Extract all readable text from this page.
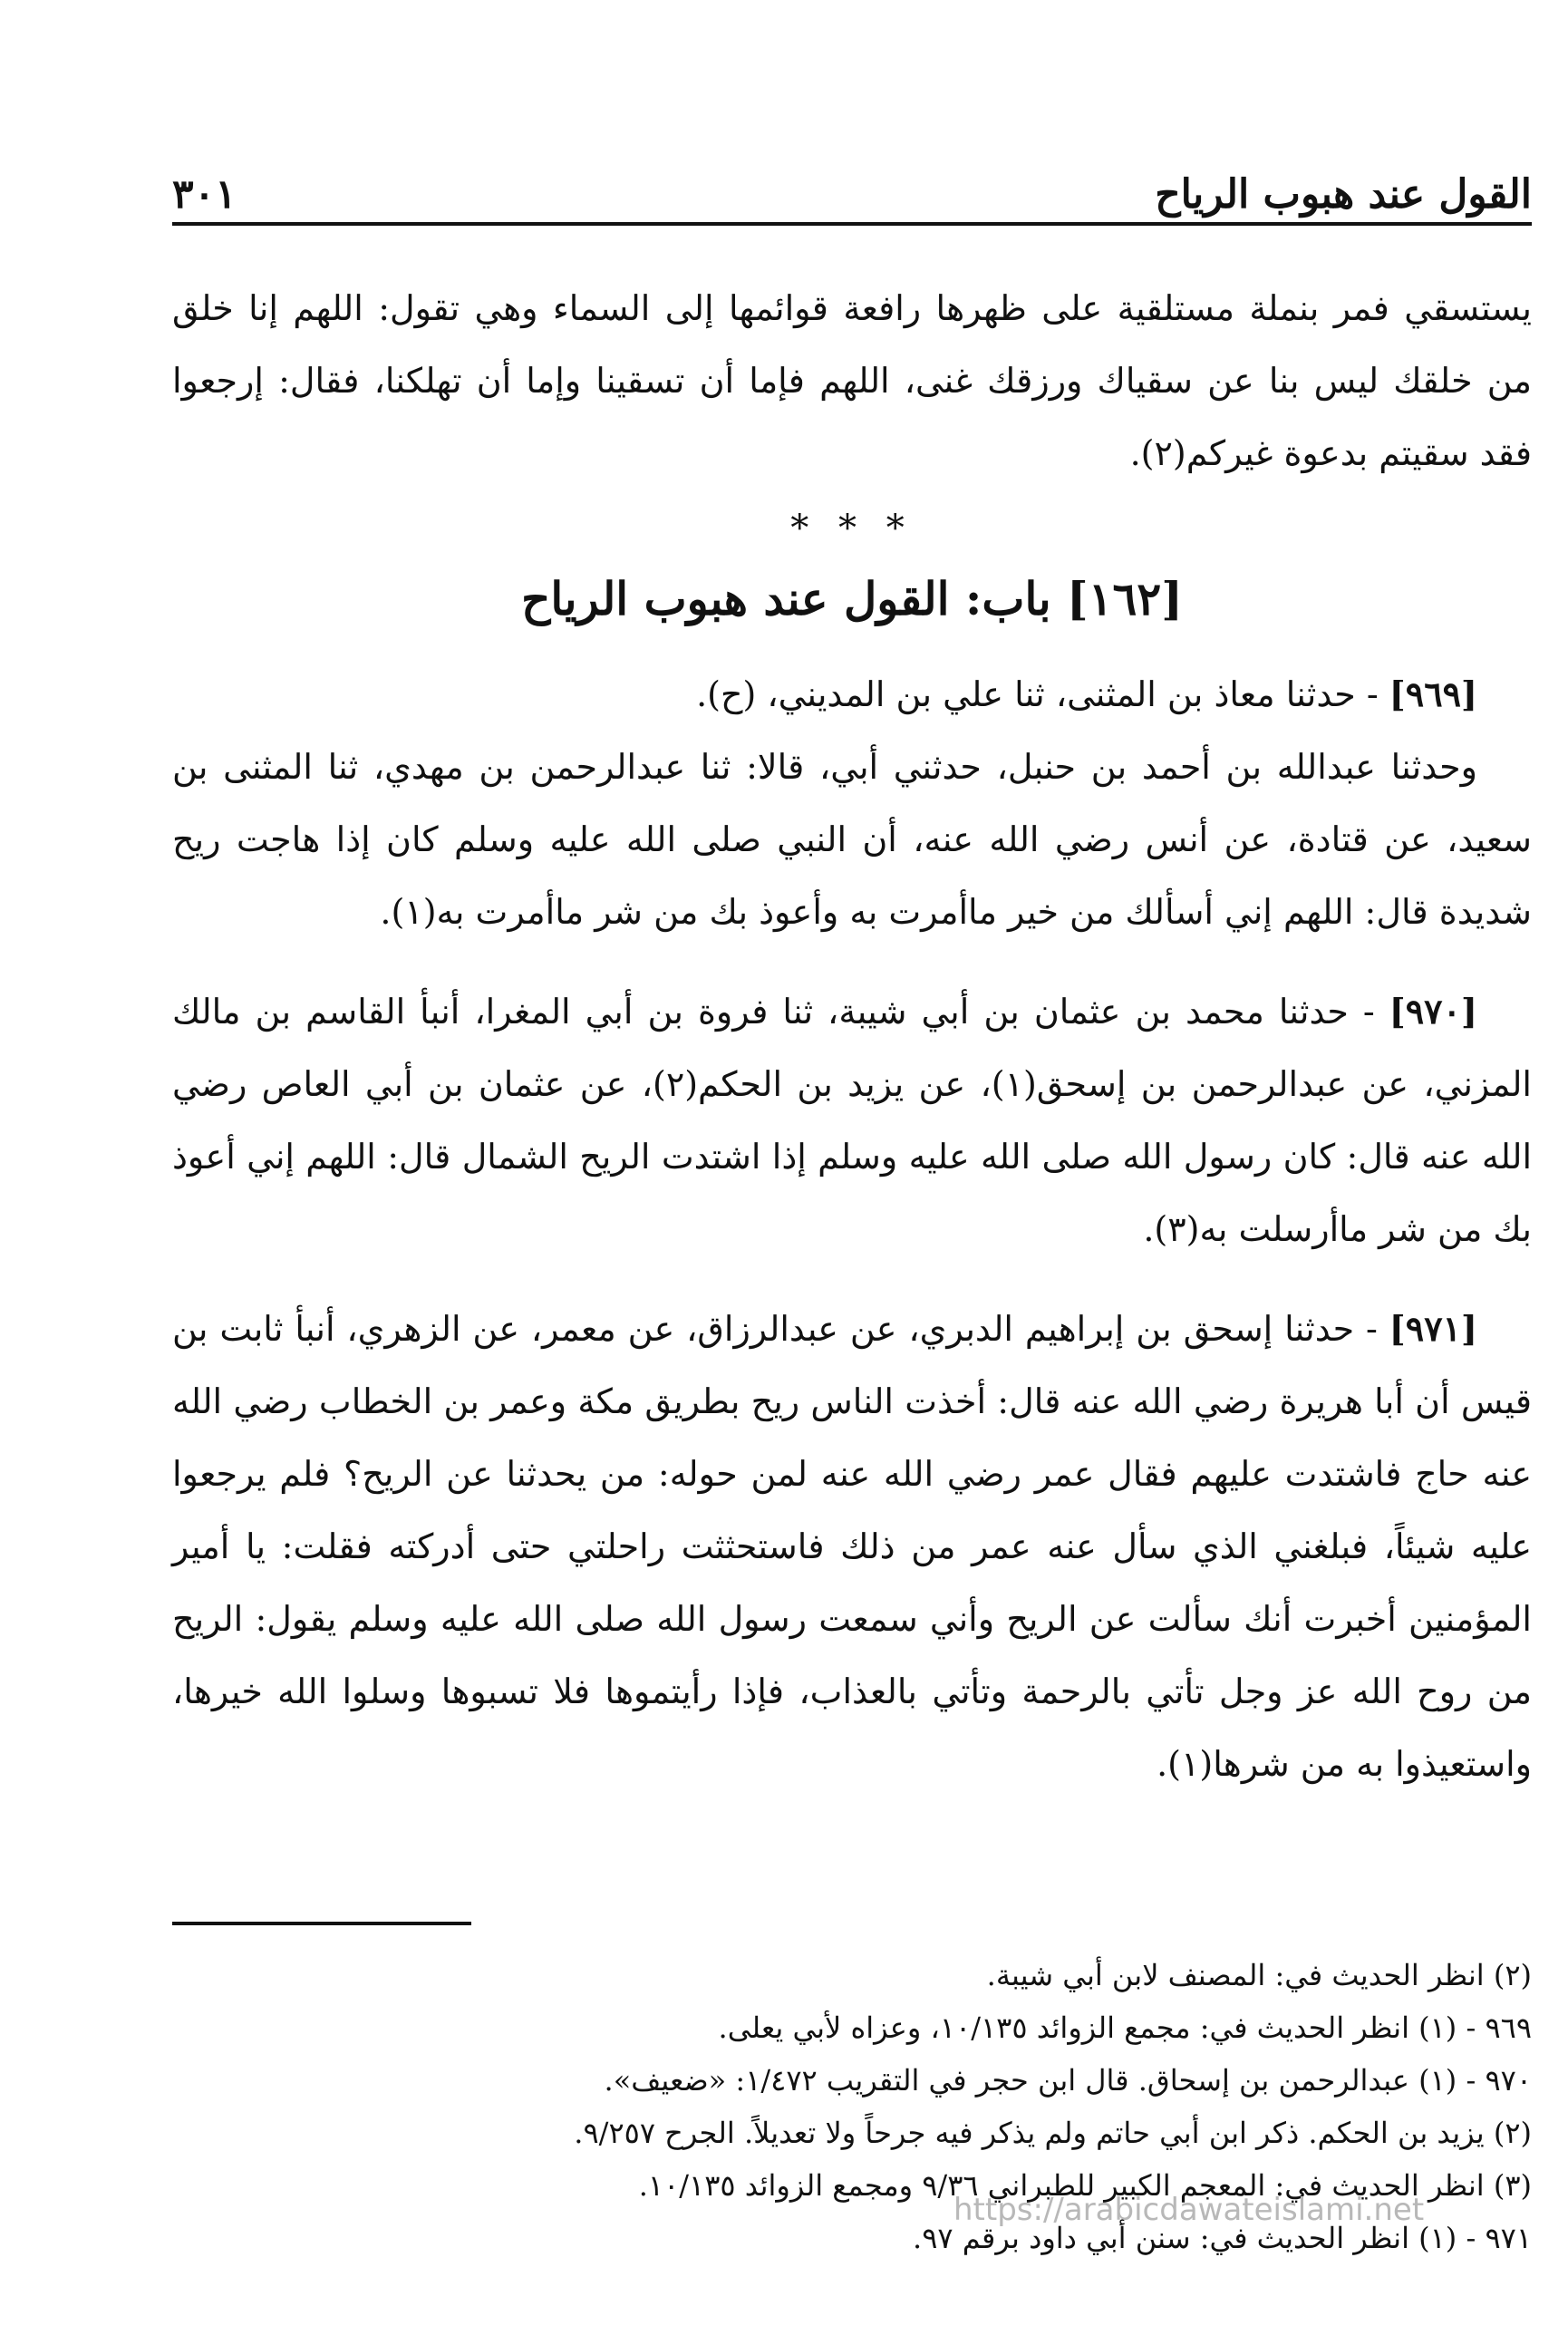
القول عند هبوب الرياح
٣٠١

يستسقي فمر بنملة مستلقية على ظهرها رافعة قوائمها إلى السماء وهي تقول: اللهم إنا خلق من خلقك ليس بنا عن سقياك ورزقك غنى، اللهم فإما أن تسقينا وإما أن تهلكنا، فقال: إرجعوا فقد سقيتم بدعوة غيركم(٢).

* * *
[١٦٢] باب: القول عند هبوب الرياح

[٩٦٩] - حدثنا معاذ بن المثنى، ثنا علي بن المديني، (ح).

وحدثنا عبدالله بن أحمد بن حنبل، حدثني أبي، قالا: ثنا عبدالرحمن بن مهدي، ثنا المثنى بن سعيد، عن قتادة، عن أنس رضي الله عنه، أن النبي صلى الله عليه وسلم كان إذا هاجت ريح شديدة قال: اللهم إني أسألك من خير ماأمرت به وأعوذ بك من شر ماأمرت به(١).

[٩٧٠] - حدثنا محمد بن عثمان بن أبي شيبة، ثنا فروة بن أبي المغرا، أنبأ القاسم بن مالك المزني، عن عبدالرحمن بن إسحق(١)، عن يزيد بن الحكم(٢)، عن عثمان بن أبي العاص رضي الله عنه قال: كان رسول الله صلى الله عليه وسلم إذا اشتدت الريح الشمال قال: اللهم إني أعوذ بك من شر ماأرسلت به(٣).

[٩٧١] - حدثنا إسحق بن إبراهيم الدبري، عن عبدالرزاق، عن معمر، عن الزهري، أنبأ ثابت بن قيس أن أبا هريرة رضي الله عنه قال: أخذت الناس ريح بطريق مكة وعمر بن الخطاب رضي الله عنه حاج فاشتدت عليهم فقال عمر رضي الله عنه لمن حوله: من يحدثنا عن الريح؟ فلم يرجعوا عليه شيئاً، فبلغني الذي سأل عنه عمر من ذلك فاستحثثت راحلتي حتى أدركته فقلت: يا أمير المؤمنين أخبرت أنك سألت عن الريح وأني سمعت رسول الله صلى الله عليه وسلم يقول: الريح من روح الله عز وجل تأتي بالرحمة وتأتي بالعذاب، فإذا رأيتموها فلا تسبوها وسلوا الله خيرها، واستعيذوا به من شرها(١).

(٢) انظر الحديث في: المصنف لابن أبي شيبة.
٩٦٩ - (١) انظر الحديث في: مجمع الزوائد ١٠/١٣٥، وعزاه لأبي يعلى.
٩٧٠ - (١) عبدالرحمن بن إسحاق. قال ابن حجر في التقريب ١/٤٧٢: «ضعيف».
(٢) يزيد بن الحكم. ذكر ابن أبي حاتم ولم يذكر فيه جرحاً ولا تعديلاً. الجرح ٩/٢٥٧.
(٣) انظر الحديث في: المعجم الكبير للطبراني ٩/٣٦ ومجمع الزوائد ١٠/١٣٥.
٩٧١ - (١) انظر الحديث في: سنن أبي داود برقم ٩٧.
https://arabicdawateislami.net
